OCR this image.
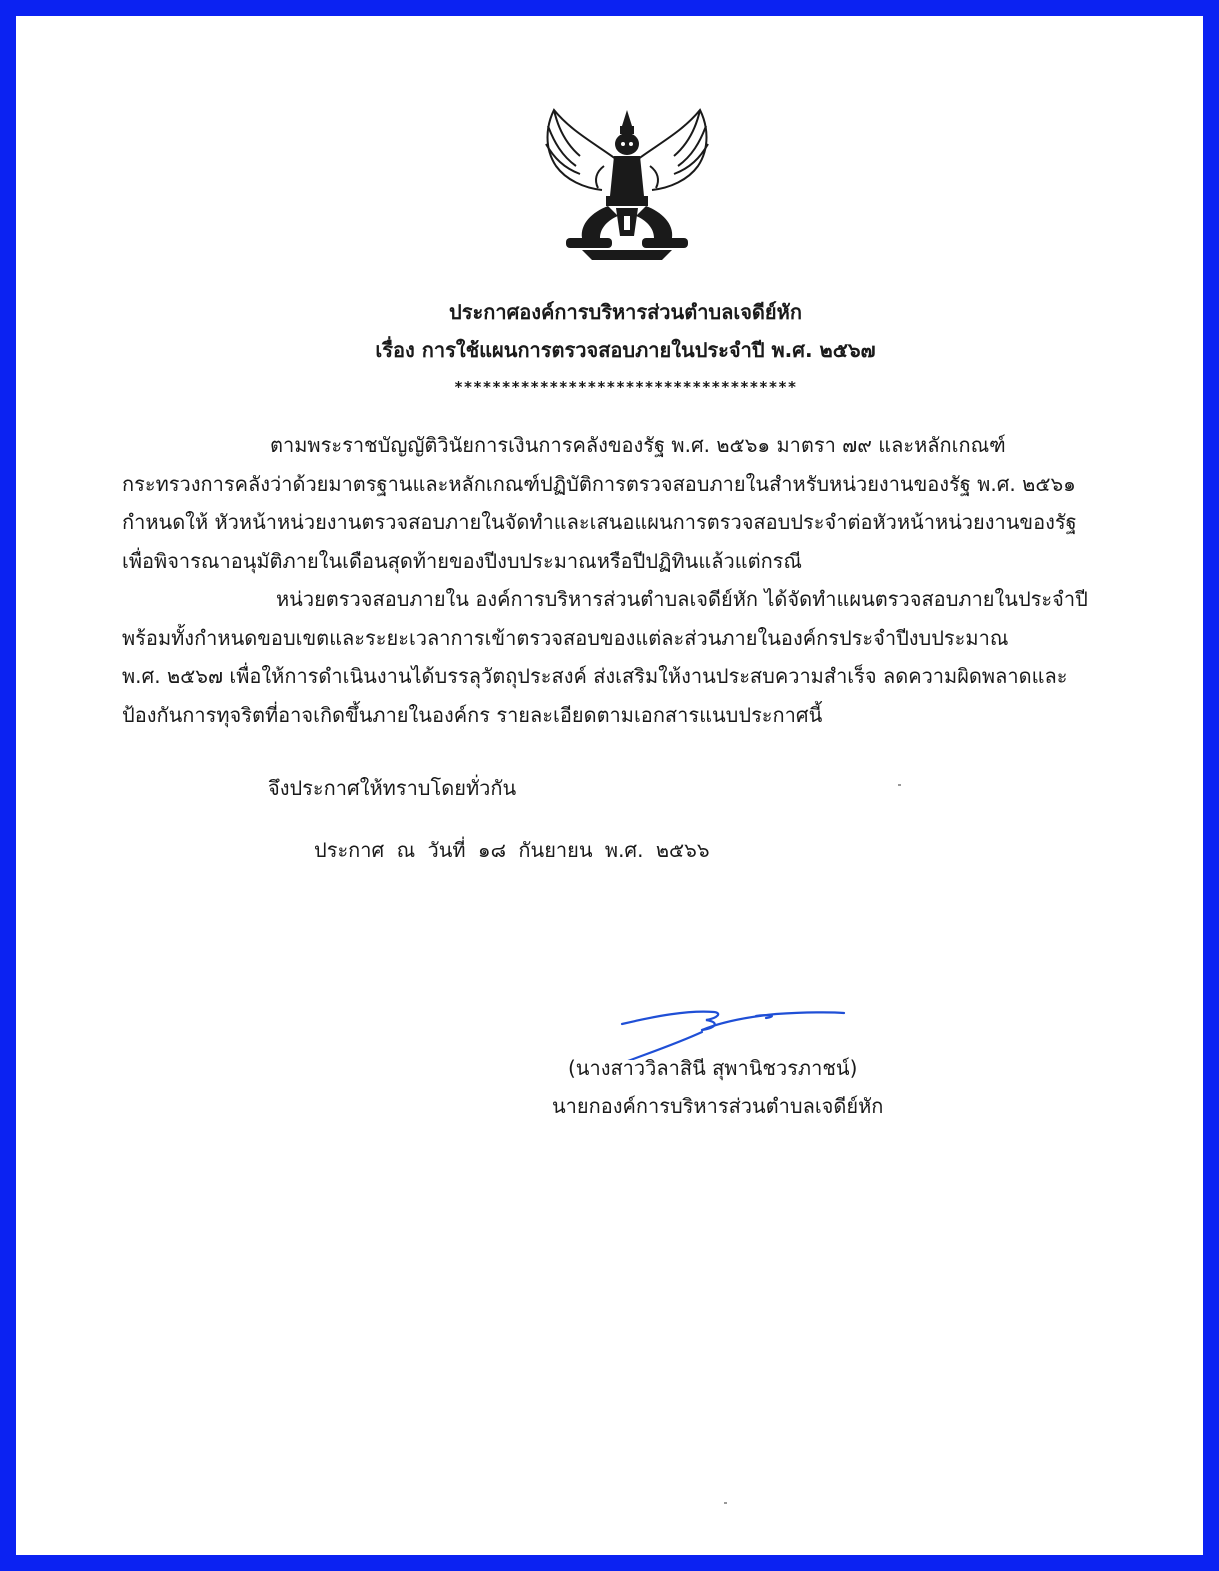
ประกาศองค์การบริหารส่วนตำบลเจดีย์หัก
เรื่อง การใช้แผนการตรวจสอบภายในประจำปี พ.ศ. ๒๕๖๗
************************************
ตามพระราชบัญญัติวินัยการเงินการคลังของรัฐ พ.ศ. ๒๕๖๑ มาตรา ๗๙ และหลักเกณฑ์
กระทรวงการคลังว่าด้วยมาตรฐานและหลักเกณฑ์ปฏิบัติการตรวจสอบภายในสำหรับหน่วยงานของรัฐ พ.ศ. ๒๕๖๑
กำหนดให้ หัวหน้าหน่วยงานตรวจสอบภายในจัดทำและเสนอแผนการตรวจสอบประจำต่อหัวหน้าหน่วยงานของรัฐ
เพื่อพิจารณาอนุมัติภายในเดือนสุดท้ายของปีงบประมาณหรือปีปฏิทินแล้วแต่กรณี
หน่วยตรวจสอบภายใน องค์การบริหารส่วนตำบลเจดีย์หัก ได้จัดทำแผนตรวจสอบภายในประจำปี
พร้อมทั้งกำหนดขอบเขตและระยะเวลาการเข้าตรวจสอบของแต่ละส่วนภายในองค์กรประจำปีงบประมาณ
พ.ศ. ๒๕๖๗ เพื่อให้การดำเนินงานได้บรรลุวัตถุประสงค์ ส่งเสริมให้งานประสบความสำเร็จ ลดความผิดพลาดและ
ป้องกันการทุจริตที่อาจเกิดขึ้นภายในองค์กร รายละเอียดตามเอกสารแนบประกาศนี้
จึงประกาศให้ทราบโดยทั่วกัน
ประกาศ ณ วันที่ ๑๘ กันยายน พ.ศ. ๒๕๖๖
(นางสาววิลาสินี สุพานิชวรภาชน์)
นายกองค์การบริหารส่วนตำบลเจดีย์หัก
